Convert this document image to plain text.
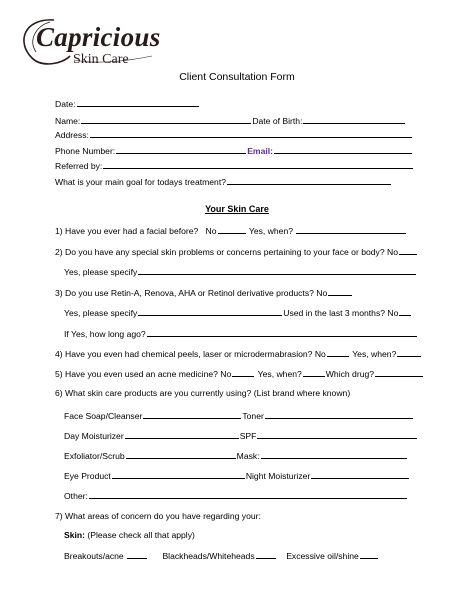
Capricious
Skin Care
Client Consultation Form
Date:
Name:	Date of Birth:
Address:
Phone Number:	Email:
Referred by:
What is your main goal for todays treatment?
Your Skin Care
1) Have you ever had a facial before? No	Yes, when?
2) Do you have any special skin problems or concerns pertaining to your face or body? No
Yes, please specify
3) Do you use Retin-A, Renova, AHA or Retinol derivative products? No
Yes, please specify	Used in the last 3 months? No
If Yes, how long ago?
4) Have you even had chemical peels, laser or microdermabrasion? No	Yes, when?
5) Have you even used an acne medicine? No	Yes, when?	Which drug?
6) What skin care products are you currently using? (List brand where known)
Face Soap/Cleanser	Toner
Day Moisturizer	SPF
Exfoliator/Scrub	Mask:
Eye Product	Night Moisturizer
Other:
7) What areas of concern do you have regarding your:
Skin: (Please check all that apply)
Breakouts/acne	Blackheads/Whiteheads	Excessive oil/shine
